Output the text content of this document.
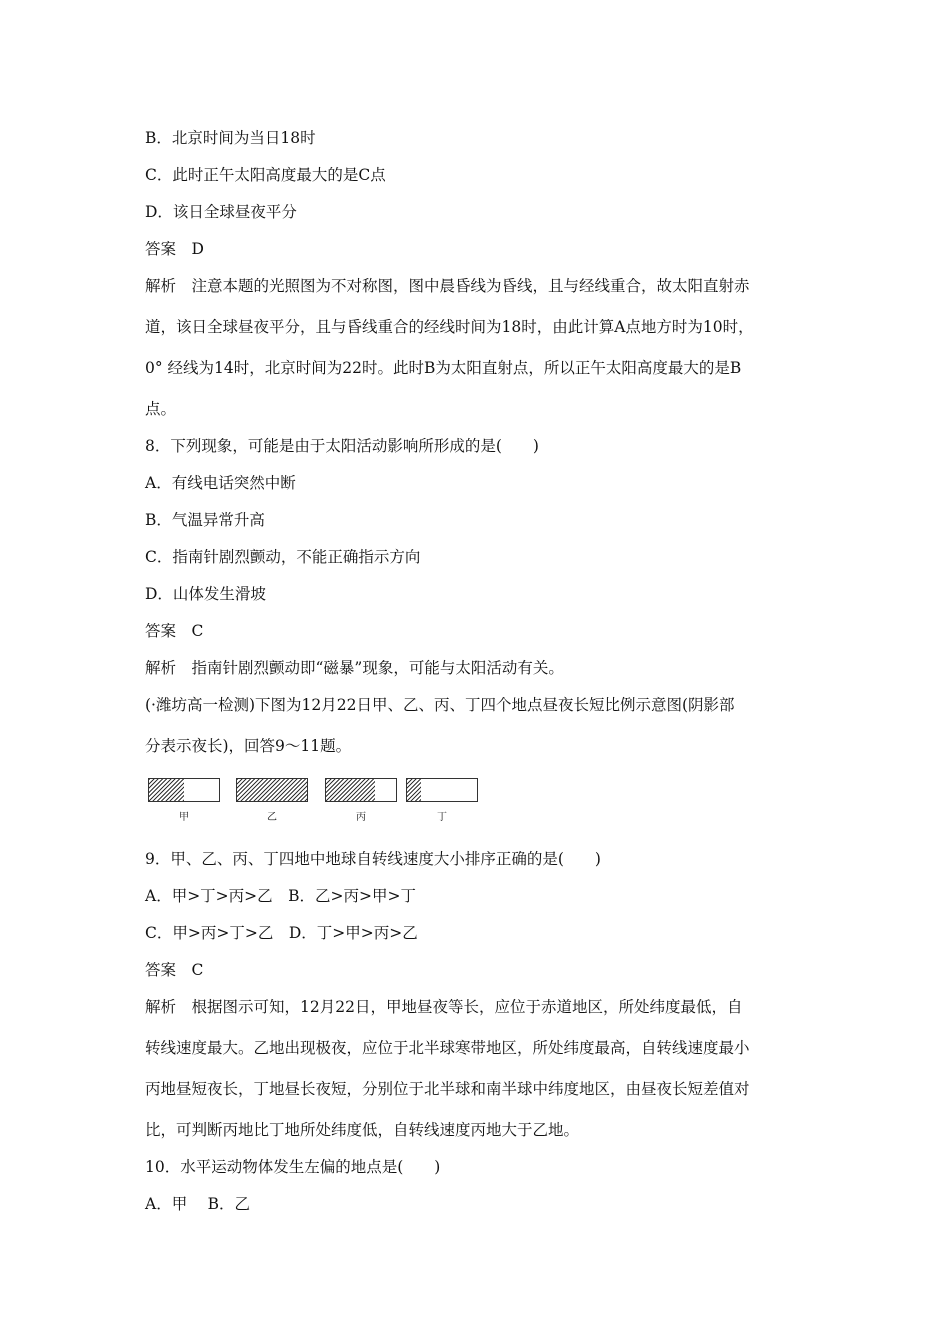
B．北京时间为当日18时
C．此时正午太阳高度最大的是C点
D．该日全球昼夜平分
答案　D
解析　注意本题的光照图为不对称图，图中晨昏线为昏线，且与经线重合，故太阳直射赤
道，该日全球昼夜平分，且与昏线重合的经线时间为18时，由此计算A点地方时为10时，
0° 经线为14时，北京时间为22时。此时B为太阳直射点，所以正午太阳高度最大的是B
点。
8．下列现象，可能是由于太阳活动影响所形成的是(　　)
A．有线电话突然中断
B．气温异常升高
C．指南针剧烈颤动，不能正确指示方向
D．山体发生滑坡
答案　C
解析　指南针剧烈颤动即“磁暴”现象，可能与太阳活动有关。
(·潍坊高一检测)下图为12月22日甲、乙、丙、丁四个地点昼夜长短比例示意图(阴影部
分表示夜长)，回答9～11题。
9．甲、乙、丙、丁四地中地球自转线速度大小排序正确的是(　　)
A．甲>丁>丙>乙　B．乙>丙>甲>丁
C．甲>丙>丁>乙　D．丁>甲>丙>乙
答案　C
解析　根据图示可知，12月22日，甲地昼夜等长，应位于赤道地区，所处纬度最低，自
转线速度最大。乙地出现极夜，应位于北半球寒带地区，所处纬度最高，自转线速度最小
丙地昼短夜长，丁地昼长夜短，分别位于北半球和南半球中纬度地区，由昼夜长短差值对
比，可判断丙地比丁地所处纬度低，自转线速度丙地大于乙地。
10．水平运动物体发生左偏的地点是(　　)
A．甲　 B．乙
甲	乙	丙	丁
